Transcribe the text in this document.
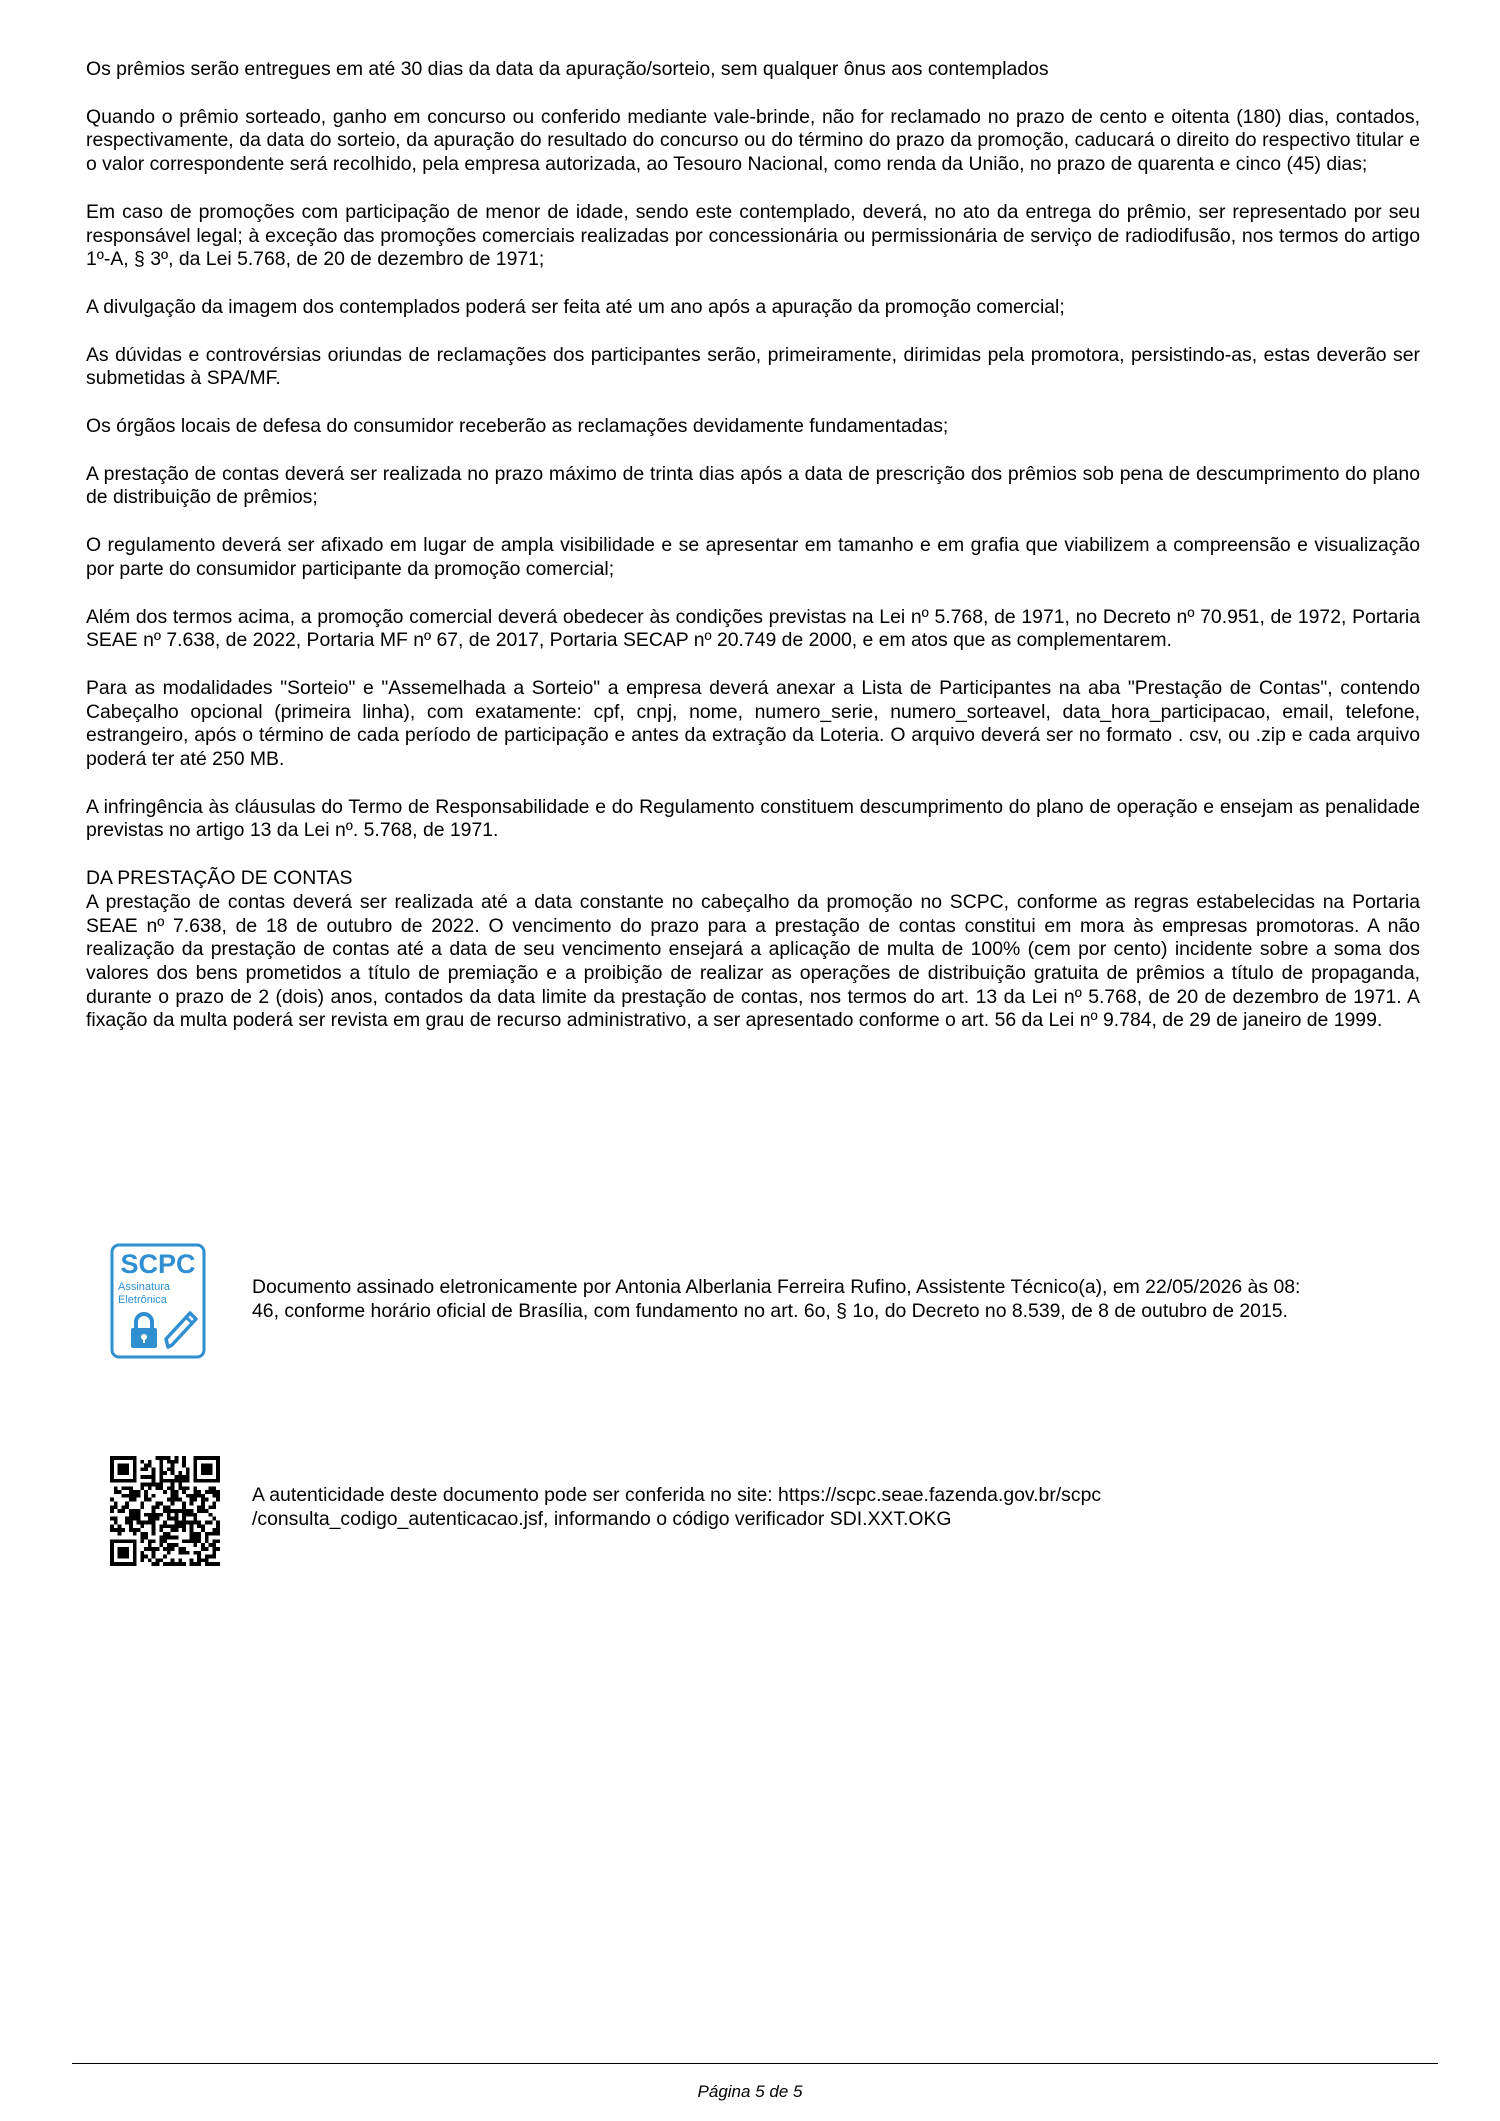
Os prêmios serão entregues em até 30 dias da data da apuração/sorteio, sem qualquer ônus aos contemplados

Quando o prêmio sorteado, ganho em concurso ou conferido mediante vale-brinde, não for reclamado no prazo de cento e oitenta (180) dias, contados, respectivamente, da data do sorteio, da apuração do resultado do concurso ou do término do prazo da promoção, caducará o direito do respectivo titular e o valor correspondente será recolhido, pela empresa autorizada, ao Tesouro Nacional, como renda da União, no prazo de quarenta e cinco (45) dias;

Em caso de promoções com participação de menor de idade, sendo este contemplado, deverá, no ato da entrega do prêmio, ser representado por seu responsável legal; à exceção das promoções comerciais realizadas por concessionária ou permissionária de serviço de radiodifusão, nos termos do artigo 1º-A, § 3º, da Lei 5.768, de 20 de dezembro de 1971;

A divulgação da imagem dos contemplados poderá ser feita até um ano após a apuração da promoção comercial;

As dúvidas e controvérsias oriundas de reclamações dos participantes serão, primeiramente, dirimidas pela promotora, persistindo-as, estas deverão ser submetidas à SPA/MF.

Os órgãos locais de defesa do consumidor receberão as reclamações devidamente fundamentadas;

A prestação de contas deverá ser realizada no prazo máximo de trinta dias após a data de prescrição dos prêmios sob pena de descumprimento do plano de distribuição de prêmios;

O regulamento deverá ser afixado em lugar de ampla visibilidade e se apresentar em tamanho e em grafia que viabilizem a compreensão e visualização por parte do consumidor participante da promoção comercial;

Além dos termos acima, a promoção comercial deverá obedecer às condições previstas na Lei nº 5.768, de 1971, no Decreto nº 70.951, de 1972, Portaria SEAE nº 7.638, de 2022, Portaria MF nº 67, de 2017, Portaria SECAP nº 20.749 de 2000, e em atos que as complementarem.

Para as modalidades "Sorteio" e "Assemelhada a Sorteio" a empresa deverá anexar a Lista de Participantes na aba "Prestação de Contas", contendo Cabeçalho opcional (primeira linha), com exatamente: cpf, cnpj, nome, numero_serie, numero_sorteavel, data_hora_participacao, email, telefone, estrangeiro, após o término de cada período de participação e antes da extração da Loteria. O arquivo deverá ser no formato . csv, ou .zip e cada arquivo poderá ter até 250 MB.

A infringência às cláusulas do Termo de Responsabilidade e do Regulamento constituem descumprimento do plano de operação e ensejam as penalidade previstas no artigo 13 da Lei nº. 5.768, de 1971.

DA PRESTAÇÃO DE CONTAS

A prestação de contas deverá ser realizada até a data constante no cabeçalho da promoção no SCPC, conforme as regras estabelecidas na Portaria SEAE nº 7.638, de 18 de outubro de 2022. O vencimento do prazo para a prestação de contas constitui em mora às empresas promotoras. A não realização da prestação de contas até a data de seu vencimento ensejará a aplicação de multa de 100% (cem por cento) incidente sobre a soma dos valores dos bens prometidos a título de premiação e a proibição de realizar as operações de distribuição gratuita de prêmios a título de propaganda, durante o prazo de 2 (dois) anos, contados da data limite da prestação de contas, nos termos do art. 13 da Lei nº 5.768, de 20 de dezembro de 1971. A fixação da multa poderá ser revista em grau de recurso administrativo, a ser apresentado conforme o art. 56 da Lei nº 9.784, de 29 de janeiro de 1999.

SCPC
Assinatura
Eletrônica
Documento assinado eletronicamente por Antonia Alberlania Ferreira Rufino, Assistente Técnico(a), em 22/05/2026 às 08:
46, conforme horário oficial de Brasília, com fundamento no art. 6o, § 1o, do Decreto no 8.539, de 8 de outubro de 2015.
A autenticidade deste documento pode ser conferida no site: https://scpc.seae.fazenda.gov.br/scpc
/consulta_codigo_autenticacao.jsf, informando o código verificador SDI.XXT.OKG
Página 5 de 5
